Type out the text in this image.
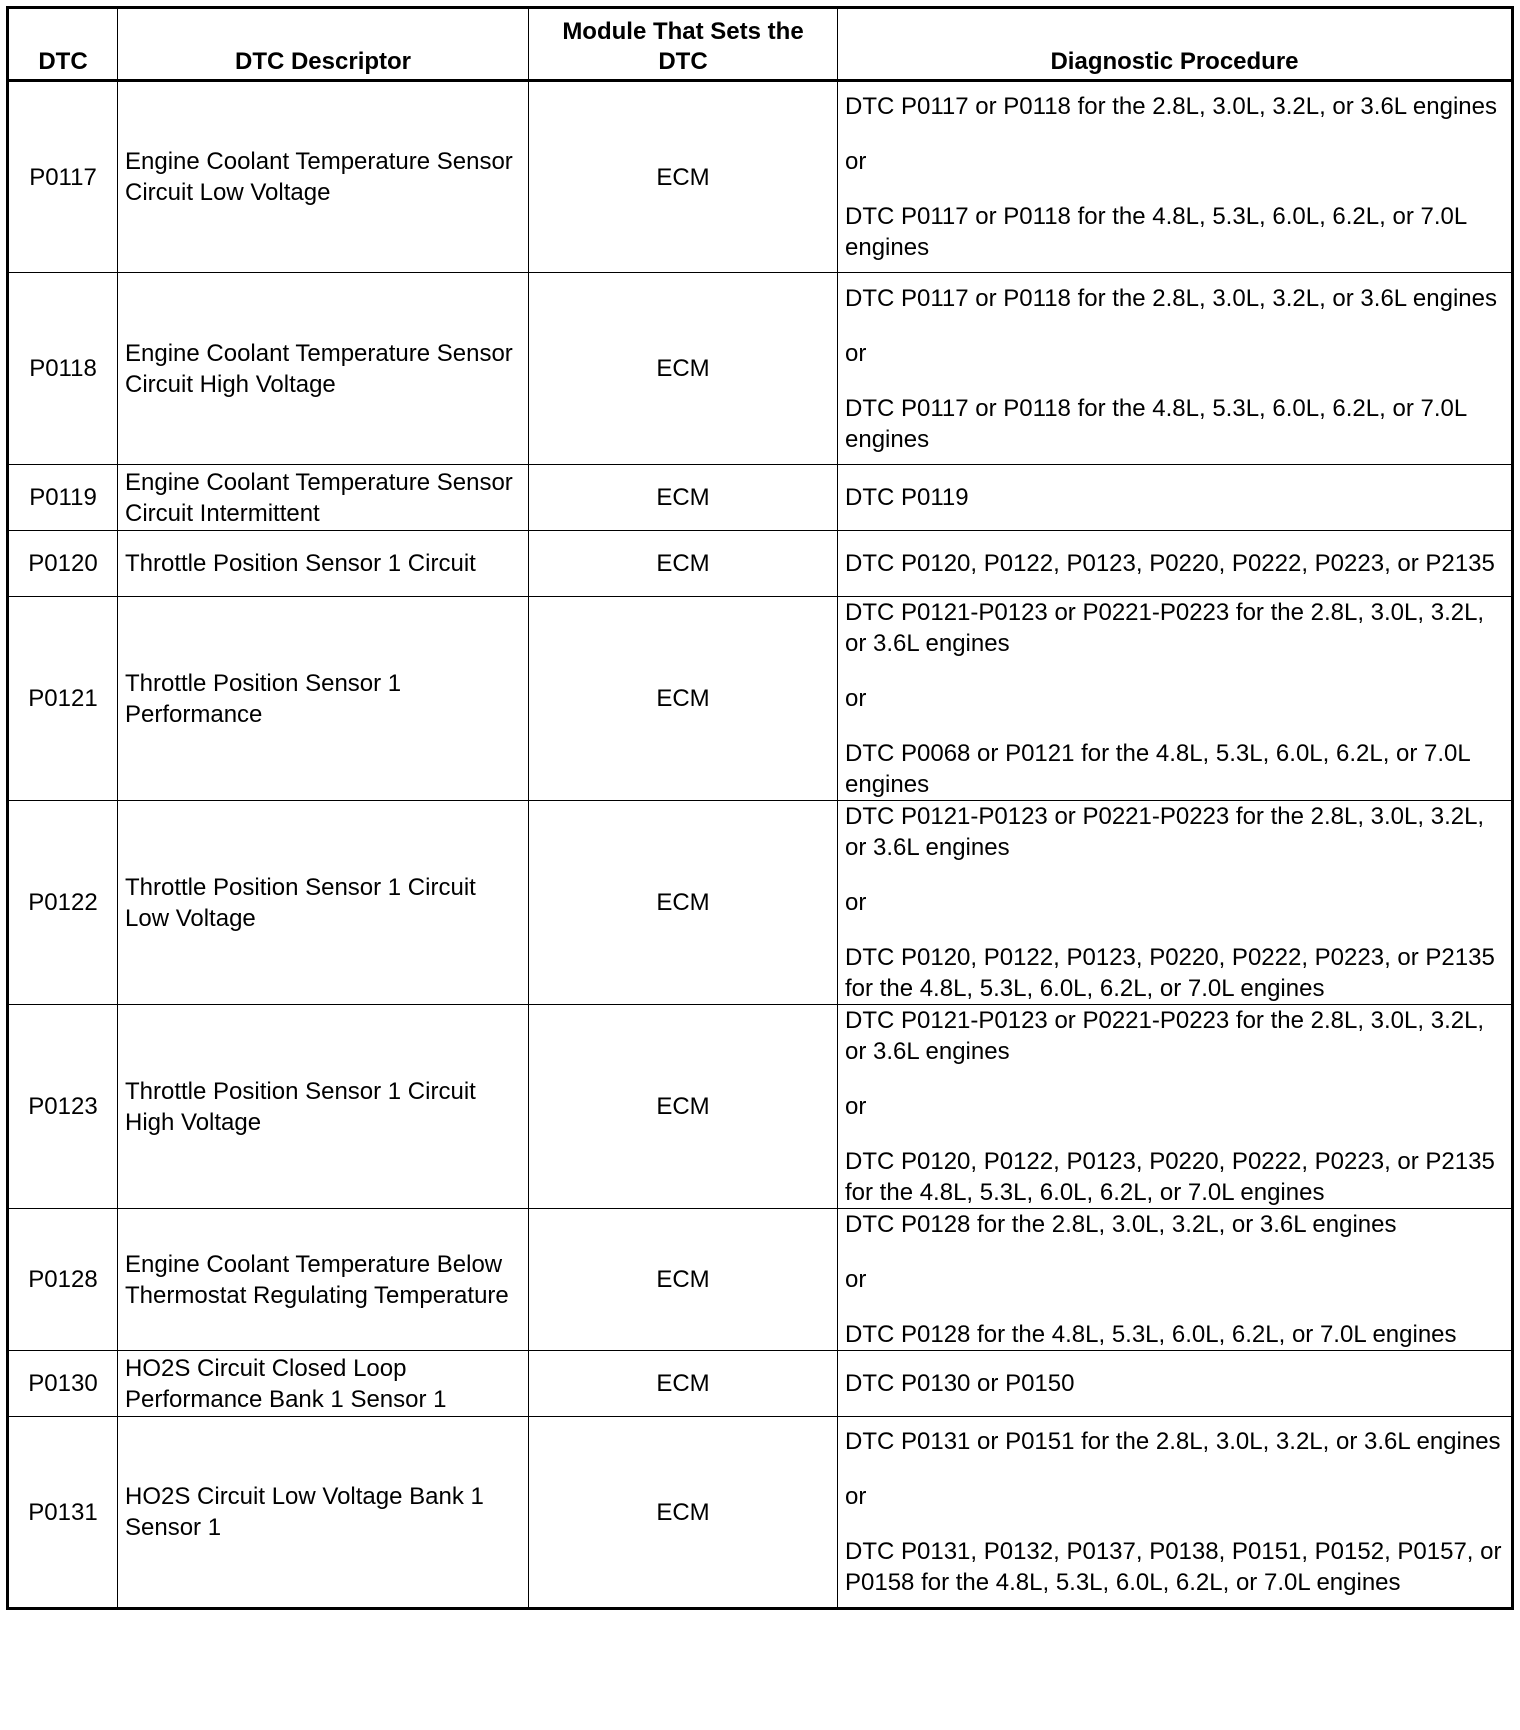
DTC	DTC Descriptor	Module That Sets the DTC	Diagnostic Procedure
P0117	Engine Coolant Temperature Sensor Circuit Low Voltage	ECM	DTC P0117 or P0118 for the 2.8L, 3.0L, 3.2L, or 3.6L engines
or
DTC P0117 or P0118 for the 4.8L, 5.3L, 6.0L, 6.2L, or 7.0L engines

P0118	Engine Coolant Temperature Sensor Circuit High Voltage	ECM	DTC P0117 or P0118 for the 2.8L, 3.0L, 3.2L, or 3.6L engines
or
DTC P0117 or P0118 for the 4.8L, 5.3L, 6.0L, 6.2L, or 7.0L engines

P0119	Engine Coolant Temperature Sensor Circuit Intermittent	ECM	DTC P0119

P0120	Throttle Position Sensor 1 Circuit	ECM	DTC P0120, P0122, P0123, P0220, P0222, P0223, or P2135

P0121	Throttle Position Sensor 1 Performance	ECM	DTC P0121-P0123 or P0221-P0223 for the 2.8L, 3.0L, 3.2L, or 3.6L engines
or
DTC P0068 or P0121 for the 4.8L, 5.3L, 6.0L, 6.2L, or 7.0L engines

P0122	Throttle Position Sensor 1 Circuit Low Voltage	ECM	DTC P0121-P0123 or P0221-P0223 for the 2.8L, 3.0L, 3.2L, or 3.6L engines
or
DTC P0120, P0122, P0123, P0220, P0222, P0223, or P2135 for the 4.8L, 5.3L, 6.0L, 6.2L, or 7.0L engines

P0123	Throttle Position Sensor 1 Circuit High Voltage	ECM	DTC P0121-P0123 or P0221-P0223 for the 2.8L, 3.0L, 3.2L, or 3.6L engines
or
DTC P0120, P0122, P0123, P0220, P0222, P0223, or P2135 for the 4.8L, 5.3L, 6.0L, 6.2L, or 7.0L engines

P0128	Engine Coolant Temperature Below Thermostat Regulating Temperature	ECM	DTC P0128 for the 2.8L, 3.0L, 3.2L, or 3.6L engines
or
DTC P0128 for the 4.8L, 5.3L, 6.0L, 6.2L, or 7.0L engines

P0130	HO2S Circuit Closed Loop Performance Bank 1 Sensor 1	ECM	DTC P0130 or P0150

P0131	HO2S Circuit Low Voltage Bank 1 Sensor 1	ECM	DTC P0131 or P0151 for the 2.8L, 3.0L, 3.2L, or 3.6L engines
or
DTC P0131, P0132, P0137, P0138, P0151, P0152, P0157, or P0158 for the 4.8L, 5.3L, 6.0L, 6.2L, or 7.0L engines
